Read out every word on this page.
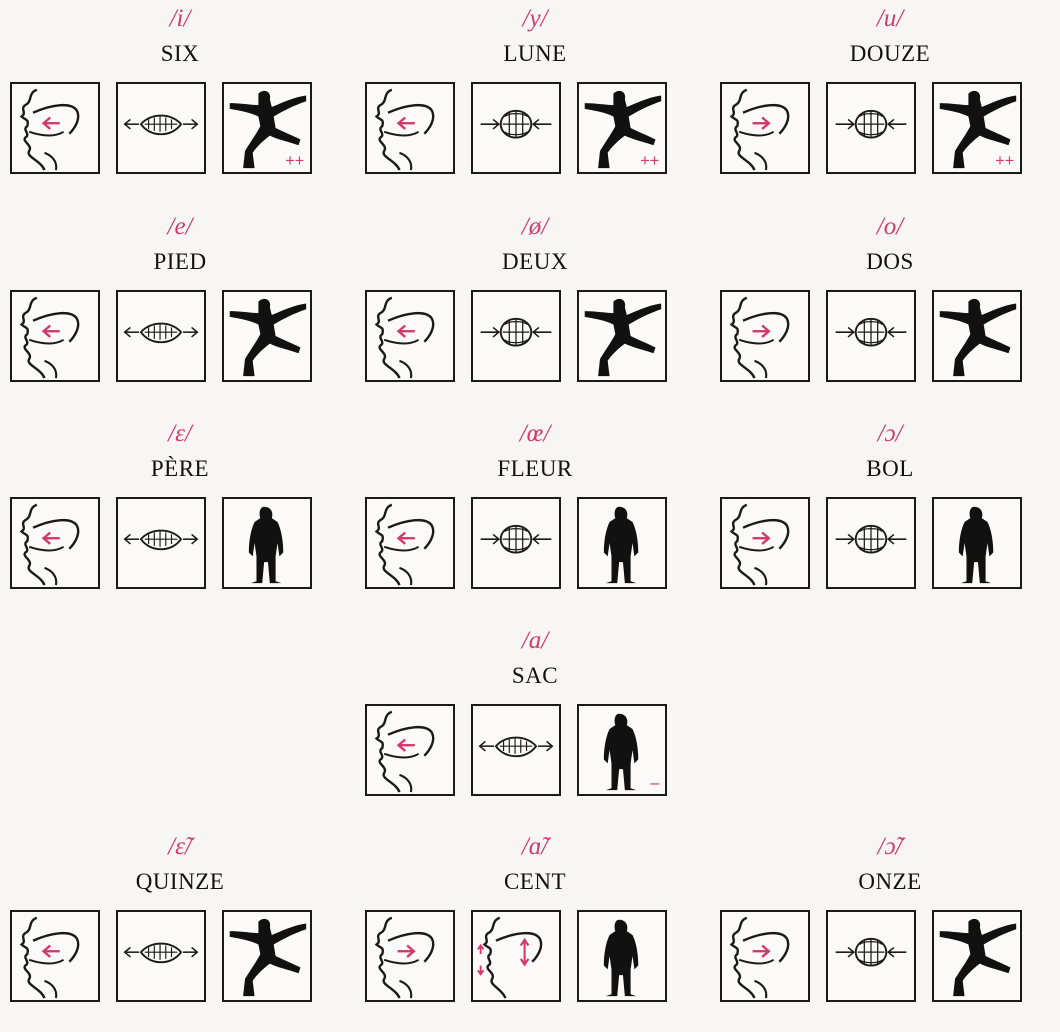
/i/
SIX
++
/y/
LUNE
++
/u/
DOUZE
++
/e/
PIED
/ø/
DEUX
/o/
DOS
/ɛ/
PÈRE
/œ/
FLEUR
/ɔ/
BOL
/a/
SAC
–
/ɛ̃/
QUINZE
/ɑ̃/
CENT
/ɔ̃/
ONZE
